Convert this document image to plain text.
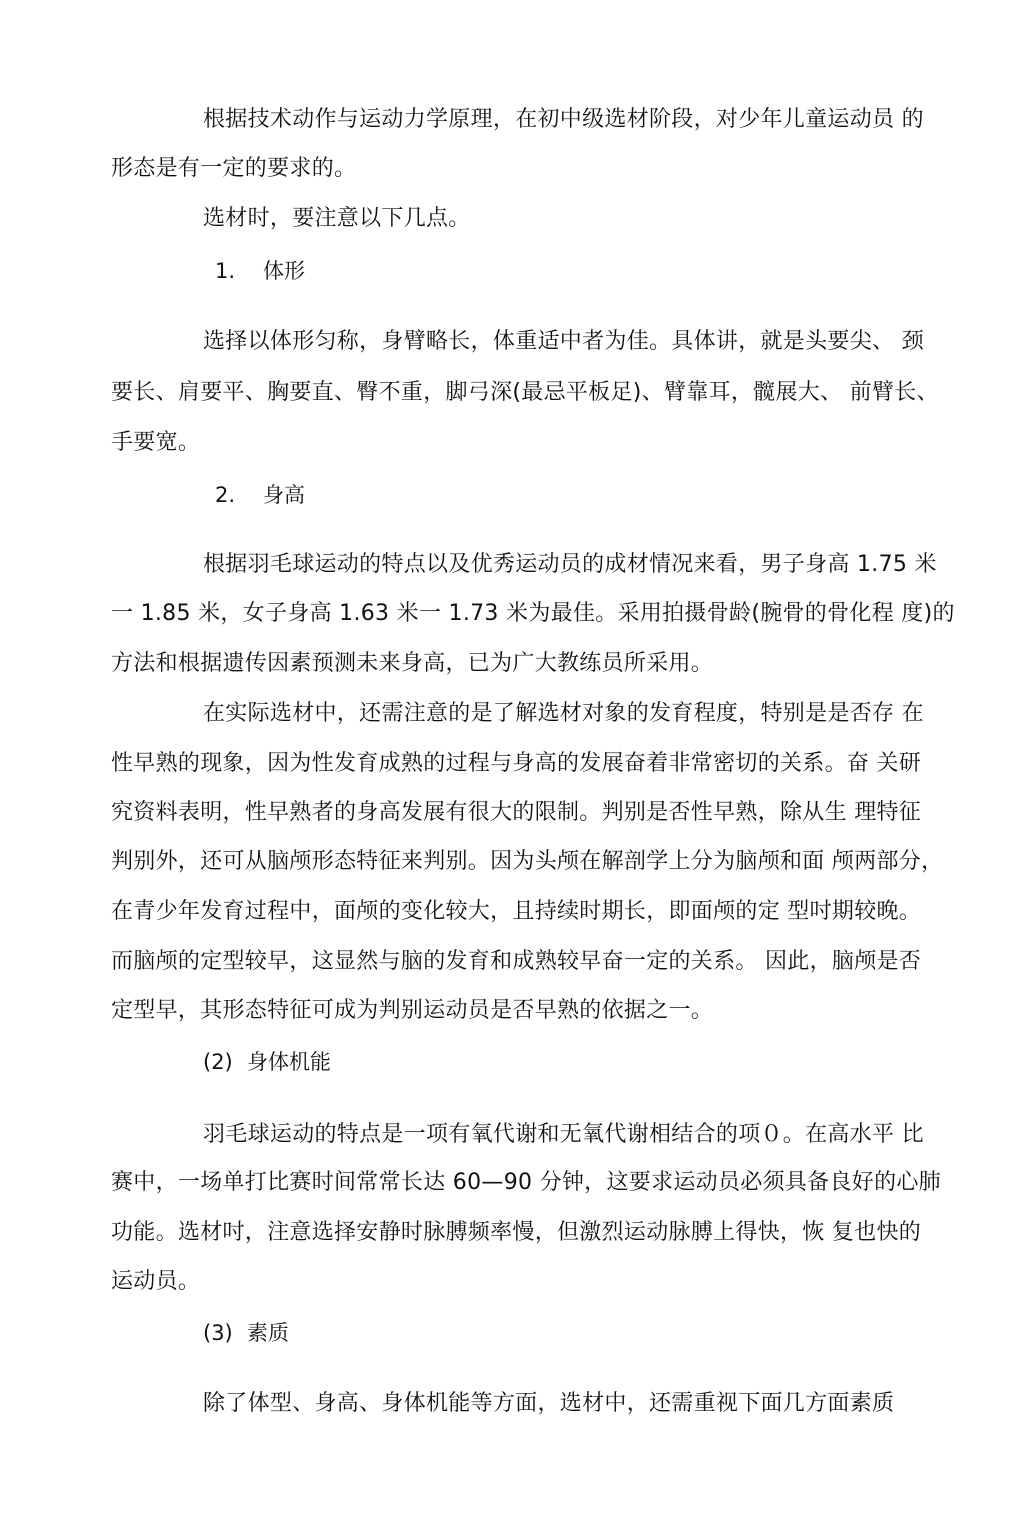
根据技术动作与运动力学原理，在初中级选材阶段，对少年儿童运动员 的
形态是有一定的要求的。
选材时，要注意以下几点。
1. 体形
选择以体形匀称，身臂略长，体重适中者为佳。具体讲，就是头要尖、 颈
要长、肩要平、胸要直、臀不重，脚弓深(最忌平板足)、臂靠耳，髋展大、 前臂长、
手要宽。
2. 身高
根据羽毛球运动的特点以及优秀运动员的成材情况来看，男子身高 1.75 米
一 1.85 米，女子身高 1.63 米一 1.73 米为最佳。采用拍摄骨龄(腕骨的骨化程 度)的
方法和根据遗传因素预测未来身高，已为广大教练员所采用。
在实际选材中，还需注意的是了解选材对象的发育程度，特别是是否存 在
性早熟的现象，因为性发育成熟的过程与身高的发展奋着非常密切的关系。奋 关研
究资料表明，性早熟者的身高发展有很大的限制。判别是否性早熟，除从生 理特征
判别外，还可从脑颅形态特征来判别。因为头颅在解剖学上分为脑颅和面 颅两部分，
在青少年发育过程中，面颅的变化较大，且持续时期长，即面颅的定 型吋期较晚。
而脑颅的定型较早，这显然与脑的发育和成熟较早奋一定的关系。 因此，脑颅是否
定型早，其形态特征可成为判别运动员是否早熟的依据之一。
(2) 身体机能
羽毛球运动的特点是一项有氧代谢和无氧代谢相结合的项０。在高水平 比
赛中，一场单打比赛时间常常长达 60—90 分钟，这要求运动员必须具备良好的心肺
功能。选材吋，注意选择安静时脉膊频率慢，但激烈运动脉膊上得快，恢 复也快的
运动员。
(3) 素质
除了体型、身高、身体机能等方面，选材中，还需重视下面几方面素质
